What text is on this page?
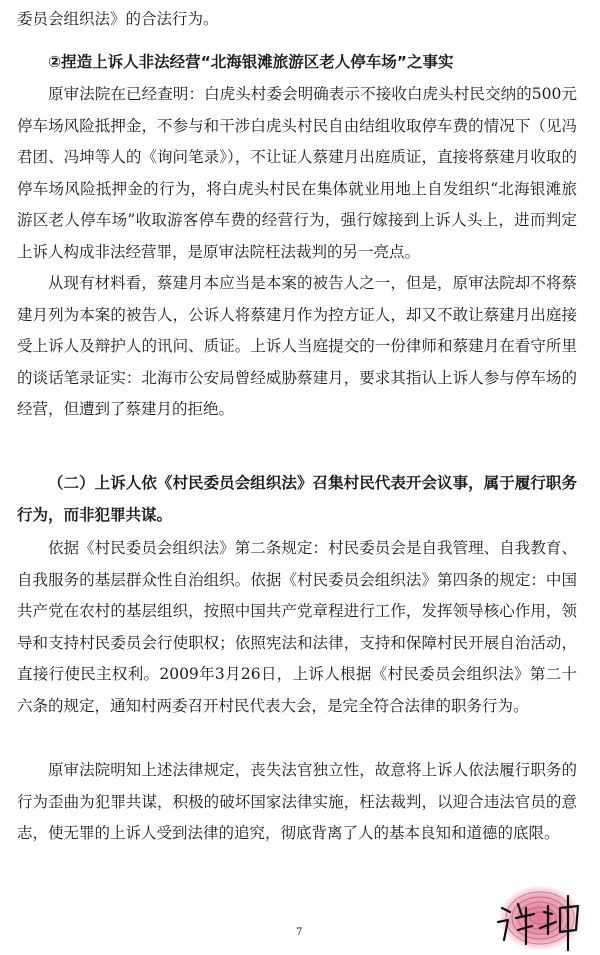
委员会组织法》的合法行为。

②捏造上诉人非法经营“北海银滩旅游区老人停车场”之事实

原审法院在已经查明：白虎头村委会明确表示不接收白虎头村民交纳的500元停车场风险抵押金，不参与和干涉白虎头村民自由结组收取停车费的情况下（见冯君团、冯坤等人的《询问笔录》），不让证人蔡建月出庭质证，直接将蔡建月收取的停车场风险抵押金的行为，将白虎头村民在集体就业用地上自发组织“北海银滩旅游区老人停车场”收取游客停车费的经营行为，强行嫁接到上诉人头上，进而判定上诉人构成非法经营罪，是原审法院枉法裁判的另一亮点。

从现有材料看，蔡建月本应当是本案的被告人之一，但是，原审法院却不将蔡建月列为本案的被告人，公诉人将蔡建月作为控方证人，却又不敢让蔡建月出庭接受上诉人及辩护人的讯问、质证。上诉人当庭提交的一份律师和蔡建月在看守所里的谈话笔录证实：北海市公安局曾经威胁蔡建月，要求其指认上诉人参与停车场的经营，但遭到了蔡建月的拒绝。

（二）上诉人依《村民委员会组织法》召集村民代表开会议事，属于履行职务行为，而非犯罪共谋。

依据《村民委员会组织法》第二条规定：村民委员会是自我管理、自我教育、自我服务的基层群众性自治组织。依据《村民委员会组织法》第四条的规定：中国共产党在农村的基层组织，按照中国共产党章程进行工作，发挥领导核心作用，领导和支持村民委员会行使职权；依照宪法和法律，支持和保障村民开展自治活动，直接行使民主权利。2009年3月26日，上诉人根据《村民委员会组织法》第二十六条的规定，通知村两委召开村民代表大会，是完全符合法律的职务行为。

原审法院明知上述法律规定，丧失法官独立性，故意将上诉人依法履行职务的行为歪曲为犯罪共谋，积极的破坏国家法律实施，枉法裁判，以迎合违法官员的意志，使无罪的上诉人受到法律的追究，彻底背离了人的基本良知和道德的底限。

7
